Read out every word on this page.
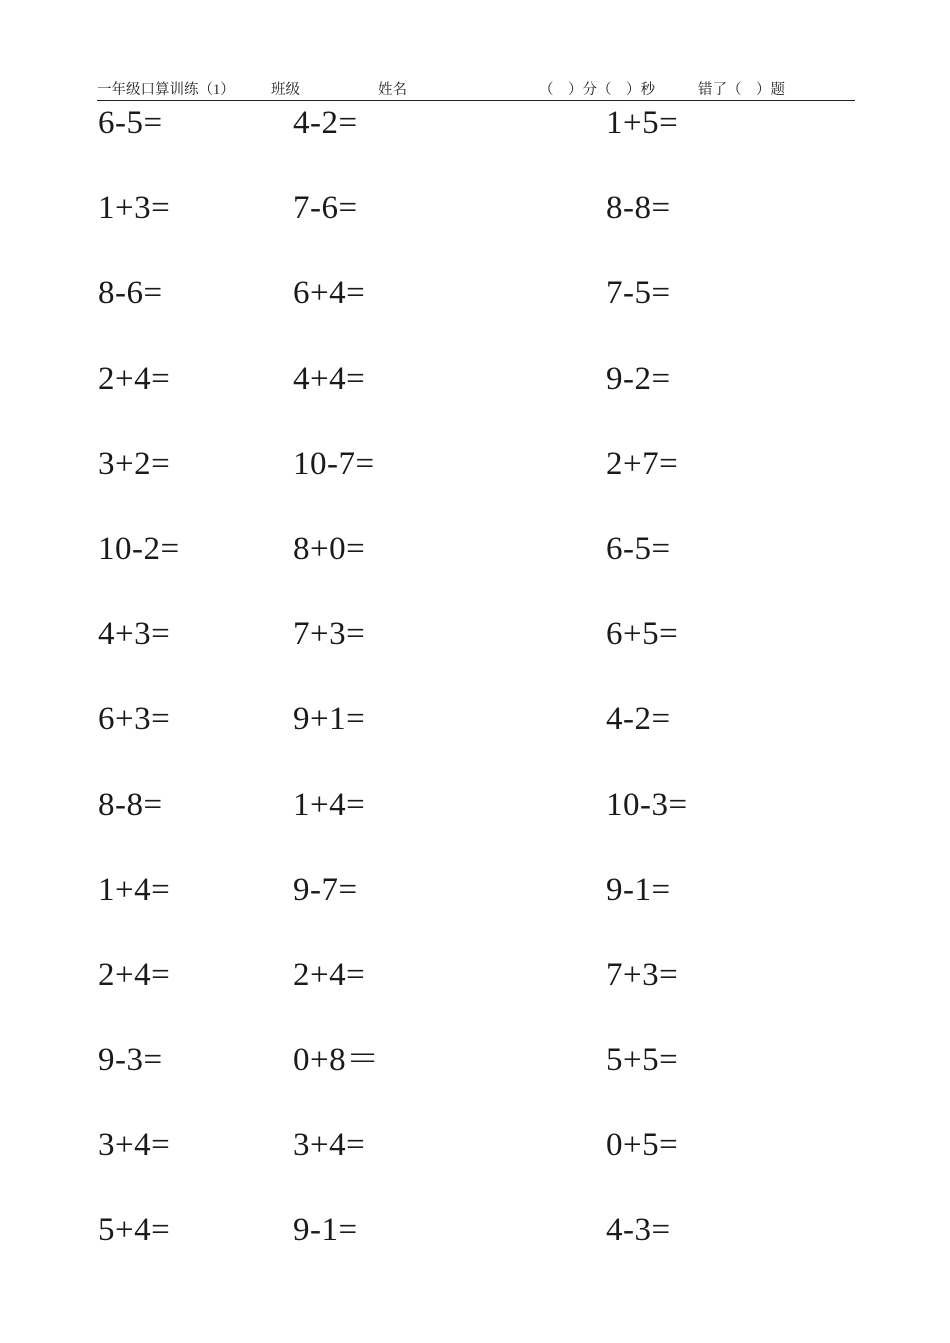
一年级口算训练（1）	班级	姓名	（    ）分（    ）秒	错了（    ）题
6-5=	4-2=	1+5=
1+3=	7-6=	8-8=
8-6=	6+4=	7-5=
2+4=	4+4=	9-2=
3+2=	10-7=	2+7=
10-2=	8+0=	6-5=
4+3=	7+3=	6+5=
6+3=	9+1=	4-2=
8-8=	1+4=	10-3=
1+4=	9-7=	9-1=
2+4=	2+4=	7+3=
9-3=	0+8＝	5+5=
3+4=	3+4=	0+5=
5+4=	9-1=	4-3=
